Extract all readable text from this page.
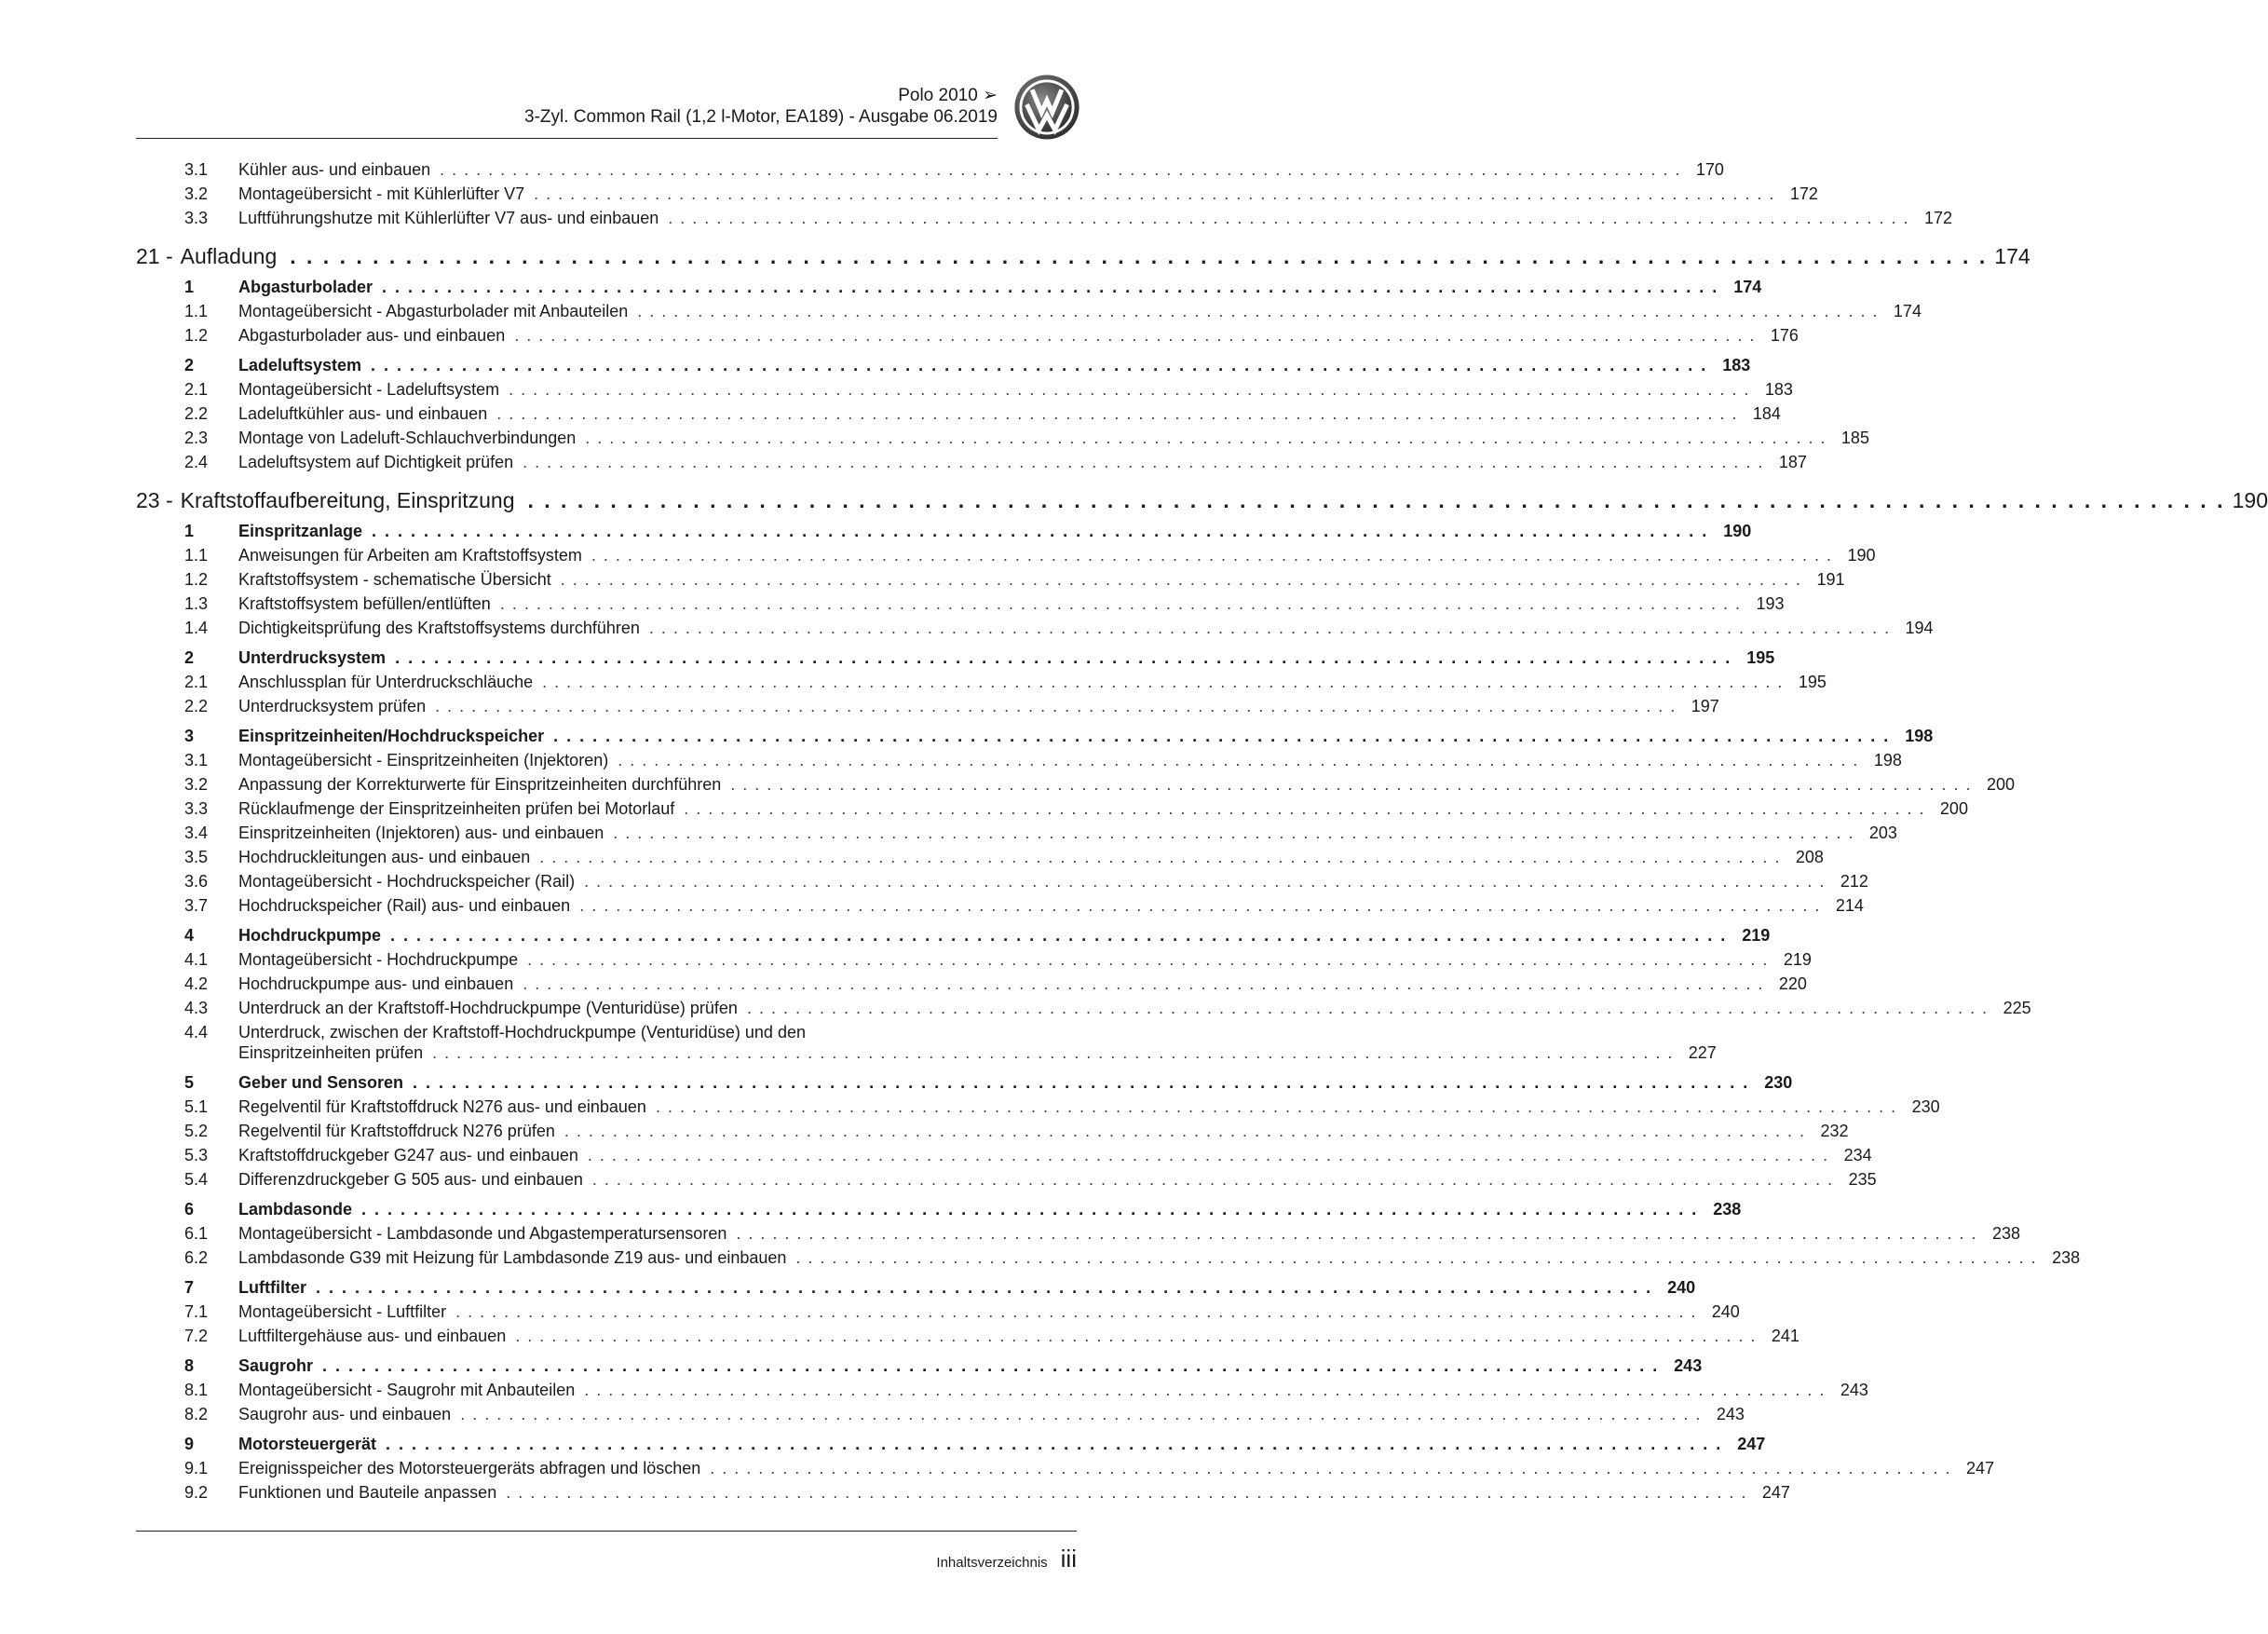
Polo 2010 ➢
3-Zyl. Common Rail (1,2 l-Motor, EA189) - Ausgabe 06.2019
3.1	Kühler aus- und einbauen . . . . . . . . . . . . . . . . . . . . . . . . . . . . . . . . . . . . . . . . . . . . . . . . . . . . . . . . . . . . . . . . . . . . . . . . . . . . . . . . . . . . . . . . . . . . . . . . . . . . . . . 170
3.2	Montageübersicht - mit Kühlerlüfter V7 . . . . . . . . . . . . . . . . . . . . . . . . . . . . . . . . . . . . . . . . . . . . . . . . . . . . . . . . . . . . . . . . . . . . . . . . . . . . . . . . . . . . . . . . . . . . . . . . . . . . . . . 172
3.3	Luftführungshutze mit Kühlerlüfter V7 aus- und einbauen . . . . . . . . . . . . . . . . . . . . . . . . . . . . . . . . . . . . . . . . . . . . . . . . . . . . . . . . . . . . . . . . . . . . . . . . . . . . . . . . . . . . . . . . . . . . . . . . . . . . . . . 172
21 - Aufladung . . . . . . . . . . . . . . . . . . . . . . . . . . . . . . . . . . . . . . . . . . . . . . . . . . . . . . . . . . . . . . . . . . . . . . . . . . . . . . . . . . . . . . . . . . . . . . . . . . . . . . . 174
1	Abgasturbolader . . . . . . . . . . . . . . . . . . . . . . . . . . . . . . . . . . . . . . . . . . . . . . . . . . . . . . . . . . . . . . . . . . . . . . . . . . . . . . . . . . . . . . . . . . . . . . . . . . . . . . . 174
1.1	Montageübersicht - Abgasturbolader mit Anbauteilen . . . . . . . . . . . . . . . . . . . . . . . . . . . . . . . . . . . . . . . . . . . . . . . . . . . . . . . . . . . . . . . . . . . . . . . . . . . . . . . . . . . . . . . . . . . . . . . . . . . . . . . 174
1.2	Abgasturbolader aus- und einbauen . . . . . . . . . . . . . . . . . . . . . . . . . . . . . . . . . . . . . . . . . . . . . . . . . . . . . . . . . . . . . . . . . . . . . . . . . . . . . . . . . . . . . . . . . . . . . . . . . . . . . . . 176
2	Ladeluftsystem . . . . . . . . . . . . . . . . . . . . . . . . . . . . . . . . . . . . . . . . . . . . . . . . . . . . . . . . . . . . . . . . . . . . . . . . . . . . . . . . . . . . . . . . . . . . . . . . . . . . . . . 183
2.1	Montageübersicht - Ladeluftsystem . . . . . . . . . . . . . . . . . . . . . . . . . . . . . . . . . . . . . . . . . . . . . . . . . . . . . . . . . . . . . . . . . . . . . . . . . . . . . . . . . . . . . . . . . . . . . . . . . . . . . . . 183
2.2	Ladeluftkühler aus- und einbauen . . . . . . . . . . . . . . . . . . . . . . . . . . . . . . . . . . . . . . . . . . . . . . . . . . . . . . . . . . . . . . . . . . . . . . . . . . . . . . . . . . . . . . . . . . . . . . . . . . . . . . . 184
2.3	Montage von Ladeluft-Schlauchverbindungen . . . . . . . . . . . . . . . . . . . . . . . . . . . . . . . . . . . . . . . . . . . . . . . . . . . . . . . . . . . . . . . . . . . . . . . . . . . . . . . . . . . . . . . . . . . . . . . . . . . . . . . 185
2.4	Ladeluftsystem auf Dichtigkeit prüfen . . . . . . . . . . . . . . . . . . . . . . . . . . . . . . . . . . . . . . . . . . . . . . . . . . . . . . . . . . . . . . . . . . . . . . . . . . . . . . . . . . . . . . . . . . . . . . . . . . . . . . . 187
23 - Kraftstoffaufbereitung, Einspritzung . . . . . . . . . . . . . . . . . . . . . . . . . . . . . . . . . . . . . . . . . . . . . . . . . . . . . . . . . . . . . . . . . . . . . . . . . . . . . . . . . . . . . . . . . . . . . . . . . . . . . . . 190
1	Einspritzanlage . . . . . . . . . . . . . . . . . . . . . . . . . . . . . . . . . . . . . . . . . . . . . . . . . . . . . . . . . . . . . . . . . . . . . . . . . . . . . . . . . . . . . . . . . . . . . . . . . . . . . . . 190
1.1	Anweisungen für Arbeiten am Kraftstoffsystem . . . . . . . . . . . . . . . . . . . . . . . . . . . . . . . . . . . . . . . . . . . . . . . . . . . . . . . . . . . . . . . . . . . . . . . . . . . . . . . . . . . . . . . . . . . . . . . . . . . . . . . 190
1.2	Kraftstoffsystem - schematische Übersicht . . . . . . . . . . . . . . . . . . . . . . . . . . . . . . . . . . . . . . . . . . . . . . . . . . . . . . . . . . . . . . . . . . . . . . . . . . . . . . . . . . . . . . . . . . . . . . . . . . . . . . . 191
1.3	Kraftstoffsystem befüllen/entlüften . . . . . . . . . . . . . . . . . . . . . . . . . . . . . . . . . . . . . . . . . . . . . . . . . . . . . . . . . . . . . . . . . . . . . . . . . . . . . . . . . . . . . . . . . . . . . . . . . . . . . . . 193
1.4	Dichtigkeitsprüfung des Kraftstoffsystems durchführen . . . . . . . . . . . . . . . . . . . . . . . . . . . . . . . . . . . . . . . . . . . . . . . . . . . . . . . . . . . . . . . . . . . . . . . . . . . . . . . . . . . . . . . . . . . . . . . . . . . . . . . 194
2	Unterdrucksystem . . . . . . . . . . . . . . . . . . . . . . . . . . . . . . . . . . . . . . . . . . . . . . . . . . . . . . . . . . . . . . . . . . . . . . . . . . . . . . . . . . . . . . . . . . . . . . . . . . . . . . . 195
2.1	Anschlussplan für Unterdruckschläuche . . . . . . . . . . . . . . . . . . . . . . . . . . . . . . . . . . . . . . . . . . . . . . . . . . . . . . . . . . . . . . . . . . . . . . . . . . . . . . . . . . . . . . . . . . . . . . . . . . . . . . . 195
2.2	Unterdrucksystem prüfen . . . . . . . . . . . . . . . . . . . . . . . . . . . . . . . . . . . . . . . . . . . . . . . . . . . . . . . . . . . . . . . . . . . . . . . . . . . . . . . . . . . . . . . . . . . . . . . . . . . . . . . 197
3	Einspritzeinheiten/Hochdruckspeicher . . . . . . . . . . . . . . . . . . . . . . . . . . . . . . . . . . . . . . . . . . . . . . . . . . . . . . . . . . . . . . . . . . . . . . . . . . . . . . . . . . . . . . . . . . . . . . . . . . . . . . . 198
3.1	Montageübersicht - Einspritzeinheiten (Injektoren) . . . . . . . . . . . . . . . . . . . . . . . . . . . . . . . . . . . . . . . . . . . . . . . . . . . . . . . . . . . . . . . . . . . . . . . . . . . . . . . . . . . . . . . . . . . . . . . . . . . . . . . 198
3.2	Anpassung der Korrekturwerte für Einspritzeinheiten durchführen . . . . . . . . . . . . . . . . . . . . . . . . . . . . . . . . . . . . . . . . . . . . . . . . . . . . . . . . . . . . . . . . . . . . . . . . . . . . . . . . . . . . . . . . . . . . . . . . . . . . . . . 200
3.3	Rücklaufmenge der Einspritzeinheiten prüfen bei Motorlauf . . . . . . . . . . . . . . . . . . . . . . . . . . . . . . . . . . . . . . . . . . . . . . . . . . . . . . . . . . . . . . . . . . . . . . . . . . . . . . . . . . . . . . . . . . . . . . . . . . . . . . . 200
3.4	Einspritzeinheiten (Injektoren) aus- und einbauen . . . . . . . . . . . . . . . . . . . . . . . . . . . . . . . . . . . . . . . . . . . . . . . . . . . . . . . . . . . . . . . . . . . . . . . . . . . . . . . . . . . . . . . . . . . . . . . . . . . . . . . 203
3.5	Hochdruckleitungen aus- und einbauen . . . . . . . . . . . . . . . . . . . . . . . . . . . . . . . . . . . . . . . . . . . . . . . . . . . . . . . . . . . . . . . . . . . . . . . . . . . . . . . . . . . . . . . . . . . . . . . . . . . . . . . 208
3.6	Montageübersicht - Hochdruckspeicher (Rail) . . . . . . . . . . . . . . . . . . . . . . . . . . . . . . . . . . . . . . . . . . . . . . . . . . . . . . . . . . . . . . . . . . . . . . . . . . . . . . . . . . . . . . . . . . . . . . . . . . . . . . . 212
3.7	Hochdruckspeicher (Rail) aus- und einbauen . . . . . . . . . . . . . . . . . . . . . . . . . . . . . . . . . . . . . . . . . . . . . . . . . . . . . . . . . . . . . . . . . . . . . . . . . . . . . . . . . . . . . . . . . . . . . . . . . . . . . . . 214
4	Hochdruckpumpe . . . . . . . . . . . . . . . . . . . . . . . . . . . . . . . . . . . . . . . . . . . . . . . . . . . . . . . . . . . . . . . . . . . . . . . . . . . . . . . . . . . . . . . . . . . . . . . . . . . . . . . 219
4.1	Montageübersicht - Hochdruckpumpe . . . . . . . . . . . . . . . . . . . . . . . . . . . . . . . . . . . . . . . . . . . . . . . . . . . . . . . . . . . . . . . . . . . . . . . . . . . . . . . . . . . . . . . . . . . . . . . . . . . . . . . 219
4.2	Hochdruckpumpe aus- und einbauen . . . . . . . . . . . . . . . . . . . . . . . . . . . . . . . . . . . . . . . . . . . . . . . . . . . . . . . . . . . . . . . . . . . . . . . . . . . . . . . . . . . . . . . . . . . . . . . . . . . . . . . 220
4.3	Unterdruck an der Kraftstoff-Hochdruckpumpe (Venturidüse) prüfen . . . . . . . . . . . . . . . . . . . . . . . . . . . . . . . . . . . . . . . . . . . . . . . . . . . . . . . . . . . . . . . . . . . . . . . . . . . . . . . . . . . . . . . . . . . . . . . . . . . . . . . 225
4.4	Unterdruck, zwischen der Kraftstoff-Hochdruckpumpe (Venturidüse) und den
Einspritzeinheiten prüfen . . . . . . . . . . . . . . . . . . . . . . . . . . . . . . . . . . . . . . . . . . . . . . . . . . . . . . . . . . . . . . . . . . . . . . . . . . . . . . . . . . . . . . . . . . . . . . . . . . . . . . . 227
5	Geber und Sensoren . . . . . . . . . . . . . . . . . . . . . . . . . . . . . . . . . . . . . . . . . . . . . . . . . . . . . . . . . . . . . . . . . . . . . . . . . . . . . . . . . . . . . . . . . . . . . . . . . . . . . . . 230
5.1	Regelventil für Kraftstoffdruck N276 aus- und einbauen . . . . . . . . . . . . . . . . . . . . . . . . . . . . . . . . . . . . . . . . . . . . . . . . . . . . . . . . . . . . . . . . . . . . . . . . . . . . . . . . . . . . . . . . . . . . . . . . . . . . . . . 230
5.2	Regelventil für Kraftstoffdruck N276 prüfen . . . . . . . . . . . . . . . . . . . . . . . . . . . . . . . . . . . . . . . . . . . . . . . . . . . . . . . . . . . . . . . . . . . . . . . . . . . . . . . . . . . . . . . . . . . . . . . . . . . . . . . 232
5.3	Kraftstoffdruckgeber G247 aus- und einbauen . . . . . . . . . . . . . . . . . . . . . . . . . . . . . . . . . . . . . . . . . . . . . . . . . . . . . . . . . . . . . . . . . . . . . . . . . . . . . . . . . . . . . . . . . . . . . . . . . . . . . . . 234
5.4	Differenzdruckgeber G 505 aus- und einbauen . . . . . . . . . . . . . . . . . . . . . . . . . . . . . . . . . . . . . . . . . . . . . . . . . . . . . . . . . . . . . . . . . . . . . . . . . . . . . . . . . . . . . . . . . . . . . . . . . . . . . . . 235
6	Lambdasonde . . . . . . . . . . . . . . . . . . . . . . . . . . . . . . . . . . . . . . . . . . . . . . . . . . . . . . . . . . . . . . . . . . . . . . . . . . . . . . . . . . . . . . . . . . . . . . . . . . . . . . . 238
6.1	Montageübersicht - Lambdasonde und Abgastemperatursensoren . . . . . . . . . . . . . . . . . . . . . . . . . . . . . . . . . . . . . . . . . . . . . . . . . . . . . . . . . . . . . . . . . . . . . . . . . . . . . . . . . . . . . . . . . . . . . . . . . . . . . . . 238
6.2	Lambdasonde G39 mit Heizung für Lambdasonde Z19 aus- und einbauen . . . . . . . . . . . . . . . . . . . . . . . . . . . . . . . . . . . . . . . . . . . . . . . . . . . . . . . . . . . . . . . . . . . . . . . . . . . . . . . . . . . . . . . . . . . . . . . . . . . . . . . 238
7	Luftfilter . . . . . . . . . . . . . . . . . . . . . . . . . . . . . . . . . . . . . . . . . . . . . . . . . . . . . . . . . . . . . . . . . . . . . . . . . . . . . . . . . . . . . . . . . . . . . . . . . . . . . . . 240
7.1	Montageübersicht - Luftfilter . . . . . . . . . . . . . . . . . . . . . . . . . . . . . . . . . . . . . . . . . . . . . . . . . . . . . . . . . . . . . . . . . . . . . . . . . . . . . . . . . . . . . . . . . . . . . . . . . . . . . . . 240
7.2	Luftfiltergehäuse aus- und einbauen . . . . . . . . . . . . . . . . . . . . . . . . . . . . . . . . . . . . . . . . . . . . . . . . . . . . . . . . . . . . . . . . . . . . . . . . . . . . . . . . . . . . . . . . . . . . . . . . . . . . . . . 241
8	Saugrohr . . . . . . . . . . . . . . . . . . . . . . . . . . . . . . . . . . . . . . . . . . . . . . . . . . . . . . . . . . . . . . . . . . . . . . . . . . . . . . . . . . . . . . . . . . . . . . . . . . . . . . . 243
8.1	Montageübersicht - Saugrohr mit Anbauteilen . . . . . . . . . . . . . . . . . . . . . . . . . . . . . . . . . . . . . . . . . . . . . . . . . . . . . . . . . . . . . . . . . . . . . . . . . . . . . . . . . . . . . . . . . . . . . . . . . . . . . . . 243
8.2	Saugrohr aus- und einbauen . . . . . . . . . . . . . . . . . . . . . . . . . . . . . . . . . . . . . . . . . . . . . . . . . . . . . . . . . . . . . . . . . . . . . . . . . . . . . . . . . . . . . . . . . . . . . . . . . . . . . . . 243
9	Motorsteuergerät . . . . . . . . . . . . . . . . . . . . . . . . . . . . . . . . . . . . . . . . . . . . . . . . . . . . . . . . . . . . . . . . . . . . . . . . . . . . . . . . . . . . . . . . . . . . . . . . . . . . . . . 247
9.1	Ereignisspeicher des Motorsteuergeräts abfragen und löschen . . . . . . . . . . . . . . . . . . . . . . . . . . . . . . . . . . . . . . . . . . . . . . . . . . . . . . . . . . . . . . . . . . . . . . . . . . . . . . . . . . . . . . . . . . . . . . . . . . . . . . . 247
9.2	Funktionen und Bauteile anpassen . . . . . . . . . . . . . . . . . . . . . . . . . . . . . . . . . . . . . . . . . . . . . . . . . . . . . . . . . . . . . . . . . . . . . . . . . . . . . . . . . . . . . . . . . . . . . . . . . . . . . . . 247
Inhaltsverzeichnis iii
